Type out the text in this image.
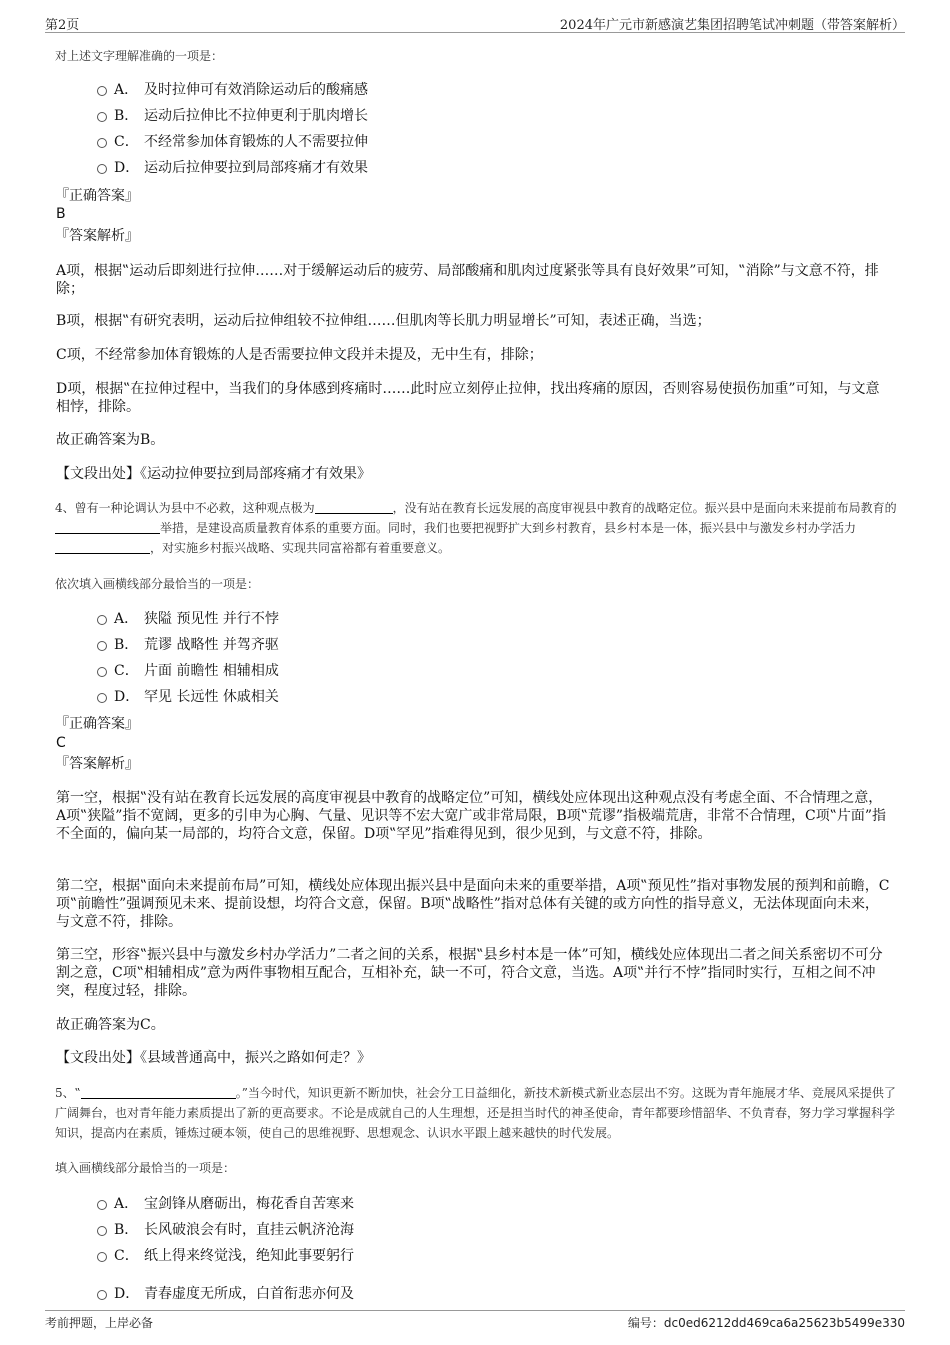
第2页	2024年广元市新感演艺集团招聘笔试冲刺题（带答案解析）
对上述文字理解准确的一项是：
A． 及时拉伸可有效消除运动后的酸痛感
B． 运动后拉伸比不拉伸更利于肌肉增长
C． 不经常参加体育锻炼的人不需要拉伸
D． 运动后拉伸要拉到局部疼痛才有效果
『正确答案』
B
『答案解析』
A项，根据‟运动后即刻进行拉伸……对于缓解运动后的疲劳、局部酸痛和肌肉过度紧张等具有良好效果”可知，‟消除”与文意不符，排除；
B项，根据‟有研究表明，运动后拉伸组较不拉伸组……但肌肉等长肌力明显增长”可知，表述正确，当选；
C项，不经常参加体育锻炼的人是否需要拉伸文段并未提及，无中生有，排除；
D项，根据‟在拉伸过程中，当我们的身体感到疼痛时……此时应立刻停止拉伸，找出疼痛的原因，否则容易使损伤加重”可知，与文意相悖，排除。
故正确答案为B。
【文段出处】《运动拉伸要拉到局部疼痛才有效果》
4、曾有一种论调认为县中不必救，这种观点极为	，没有站在教育长远发展的高度审视县中教育的战略定位。振兴县中是面向未来提前布局教育的举措，是建设高质量教育体系的重要方面。同时，我们也要把视野扩大到乡村教育，县乡村本是一体，振兴县中与激发乡村办学活力，对实施乡村振兴战略、实现共同富裕都有着重要意义。
依次填入画横线部分最恰当的一项是：
A． 狭隘 预见性 并行不悖
B． 荒谬 战略性 并驾齐驱
C． 片面 前瞻性 相辅相成
D． 罕见 长远性 休戚相关
『正确答案』
C
『答案解析』
第一空，根据‟没有站在教育长远发展的高度审视县中教育的战略定位”可知，横线处应体现出这种观点没有考虑全面、不合情理之意，A项‟狭隘”指不宽阔，更多的引申为心胸、气量、见识等不宏大宽广或非常局限，B项‟荒谬”指极端荒唐，非常不合情理，C项‟片面”指不全面的，偏向某一局部的，均符合文意，保留。D项‟罕见”指难得见到，很少见到，与文意不符，排除。
第二空，根据‟面向未来提前布局”可知，横线处应体现出振兴县中是面向未来的重要举措，A项‟预见性”指对事物发展的预判和前瞻，C项‟前瞻性”强调预见未来、提前设想，均符合文意，保留。B项‟战略性”指对总体有关键的或方向性的指导意义，无法体现面向未来，与文意不符，排除。
第三空，形容‟振兴县中与激发乡村办学活力”二者之间的关系，根据‟县乡村本是一体”可知，横线处应体现出二者之间关系密切不可分割之意，C项‟相辅相成”意为两件事物相互配合，互相补充，缺一不可，符合文意，当选。A项‟并行不悖”指同时实行，互相之间不冲突，程度过轻，排除。
故正确答案为C。
【文段出处】《县域普通高中，振兴之路如何走？》
5、‟	。”当今时代，知识更新不断加快，社会分工日益细化，新技术新模式新业态层出不穷。这既为青年施展才华、竞展风采提供了广阔舞台，也对青年能力素质提出了新的更高要求。不论是成就自己的人生理想，还是担当时代的神圣使命，青年都要珍惜韶华、不负青春，努力学习掌握科学知识，提高内在素质，锤炼过硬本领，使自己的思维视野、思想观念、认识水平跟上越来越快的时代发展。
填入画横线部分最恰当的一项是：
A． 宝剑锋从磨砺出，梅花香自苦寒来
B． 长风破浪会有时，直挂云帆济沧海
C． 纸上得来终觉浅，绝知此事要躬行
D． 青春虚度无所成，白首衔悲亦何及
考前押题，上岸必备	编号：dc0ed6212dd469ca6a25623b5499e330
